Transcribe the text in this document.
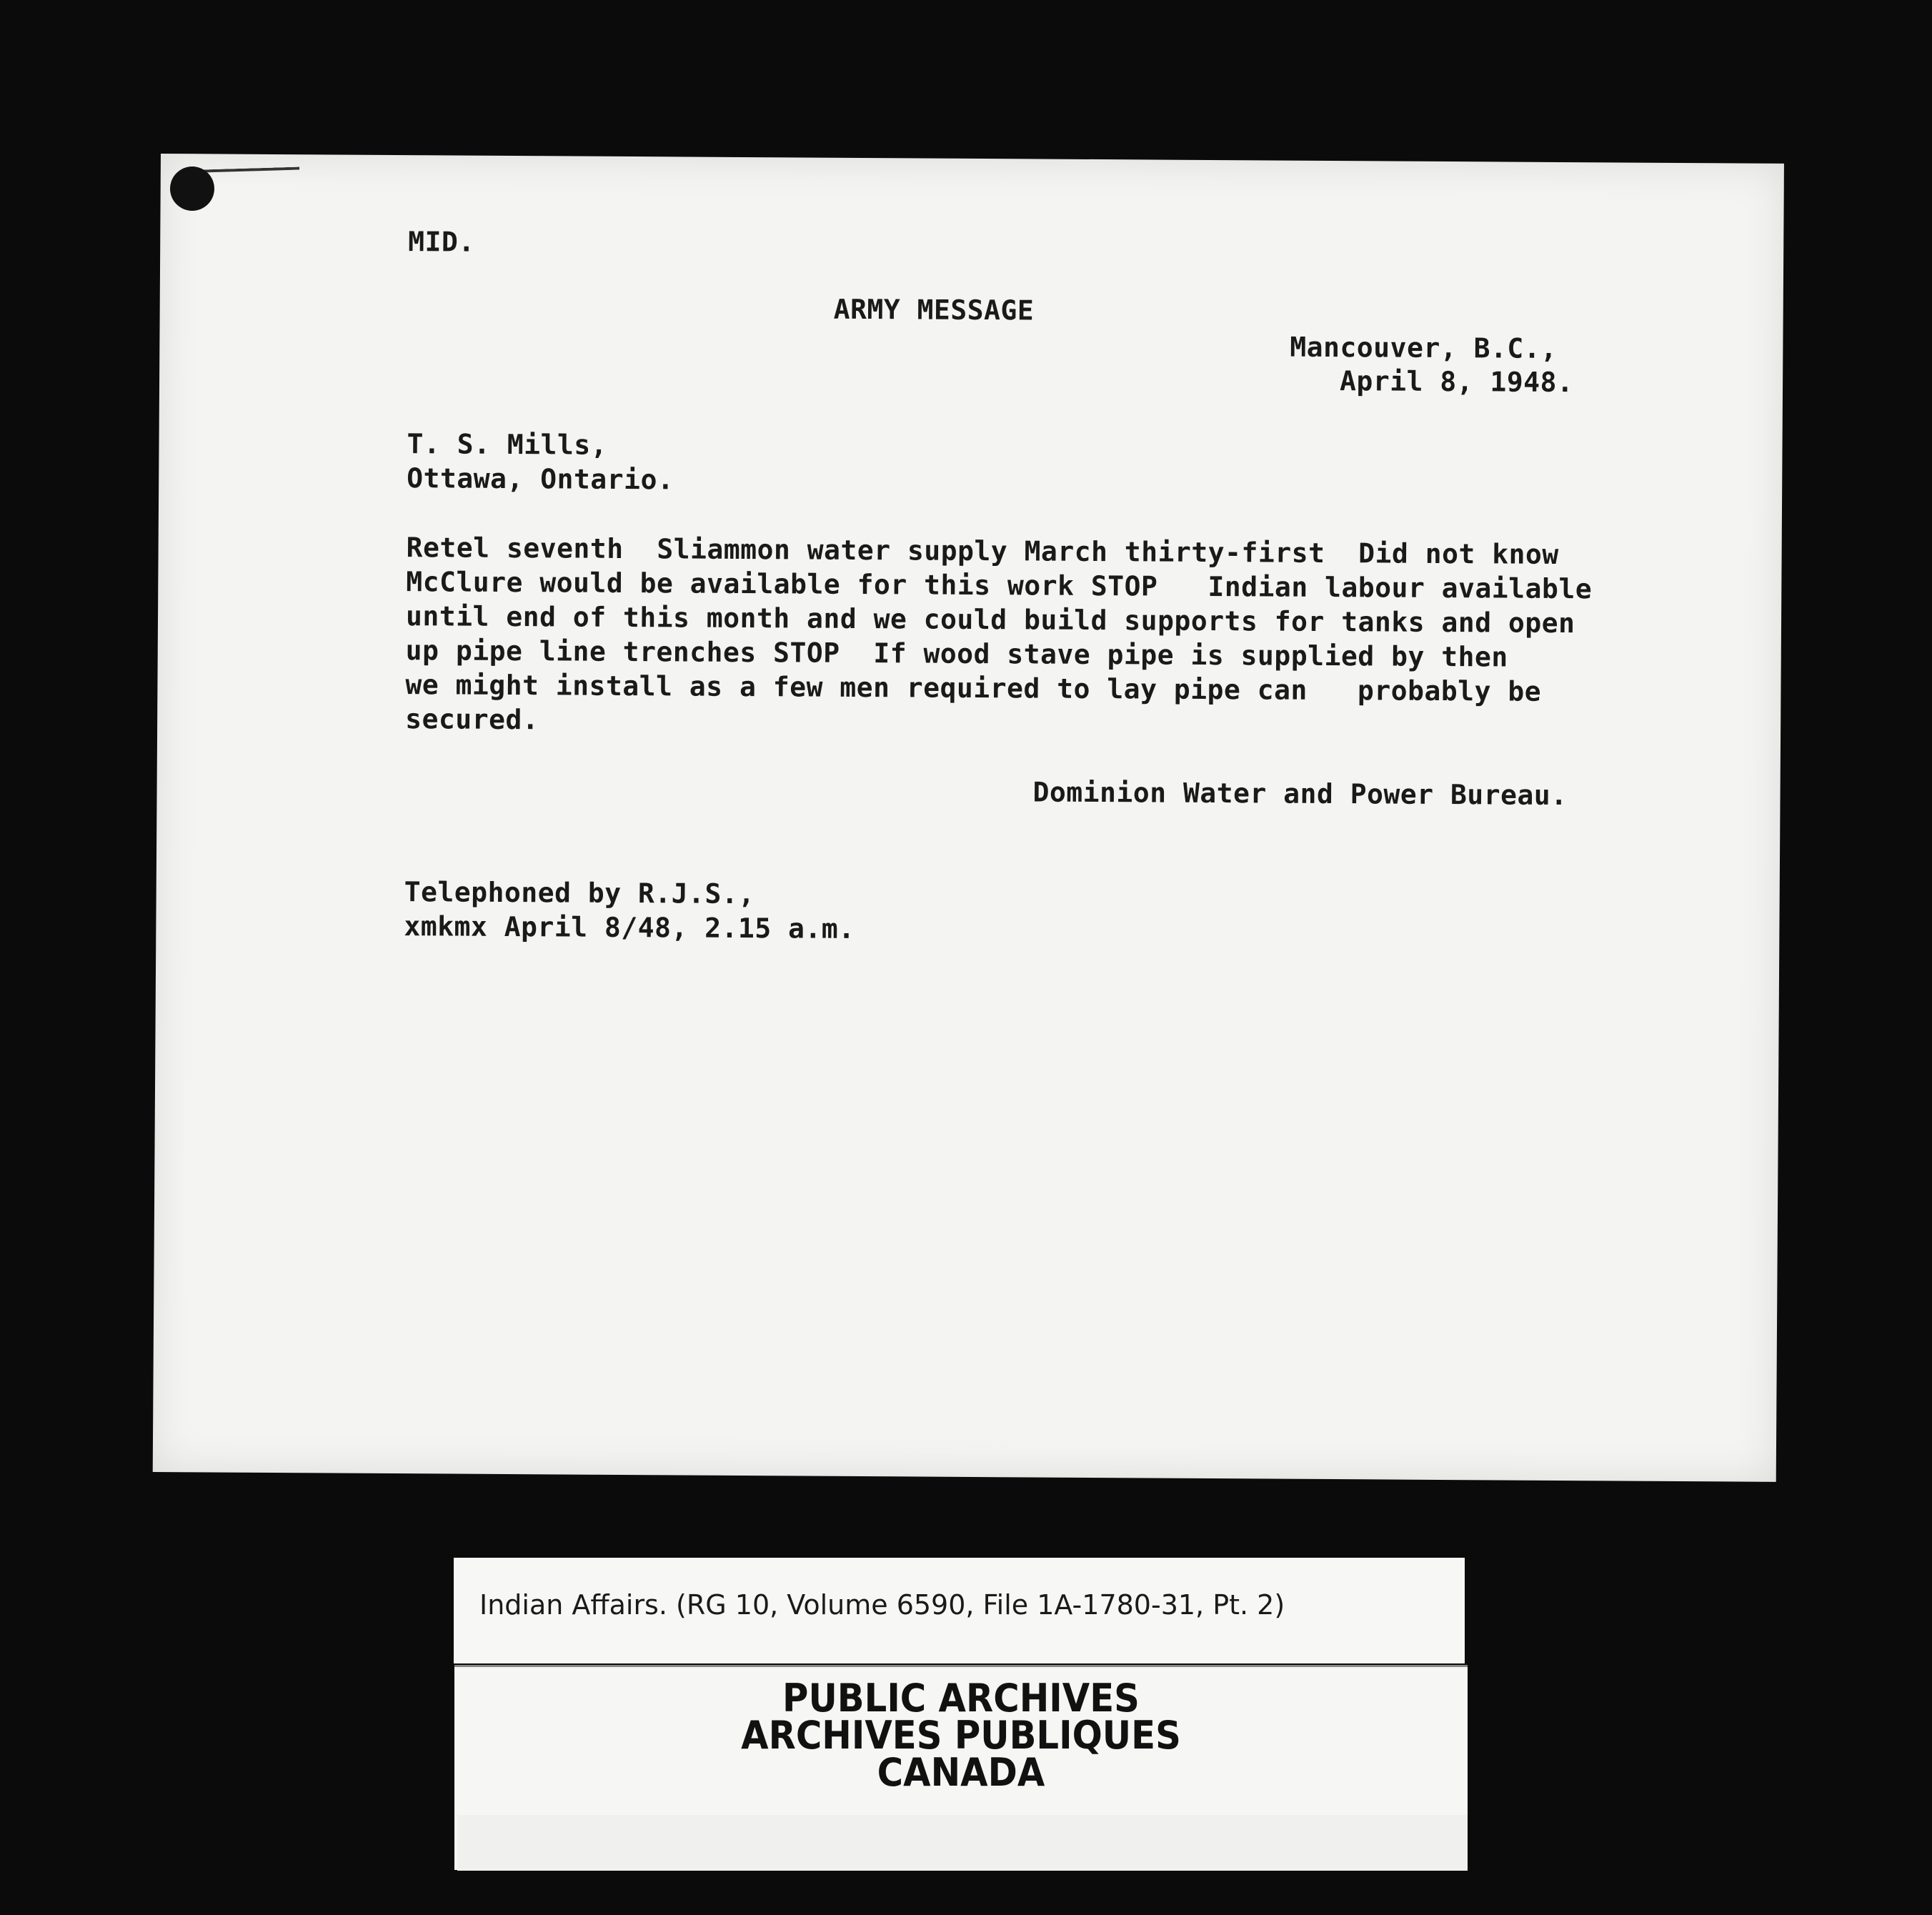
MID.
ARMY MESSAGE
Mancouver, B.C.,
April 8, 1948.
T. S. Mills,
Ottawa, Ontario.
Retel seventh  Sliammon water supply March thirty-first  Did not know
McClure would be available for this work STOP   Indian labour available
until end of this month and we could build supports for tanks and open
up pipe line trenches STOP  If wood stave pipe is supplied by then
we might install as a few men required to lay pipe can   probably be
secured.
Dominion Water and Power Bureau.
Telephoned by R.J.S.,
xmkmx April 8/48, 2.15 a.m.
Indian Affairs. (RG 10, Volume 6590, File 1A-1780-31, Pt. 2)
PUBLIC ARCHIVES
ARCHIVES PUBLIQUES
CANADA
